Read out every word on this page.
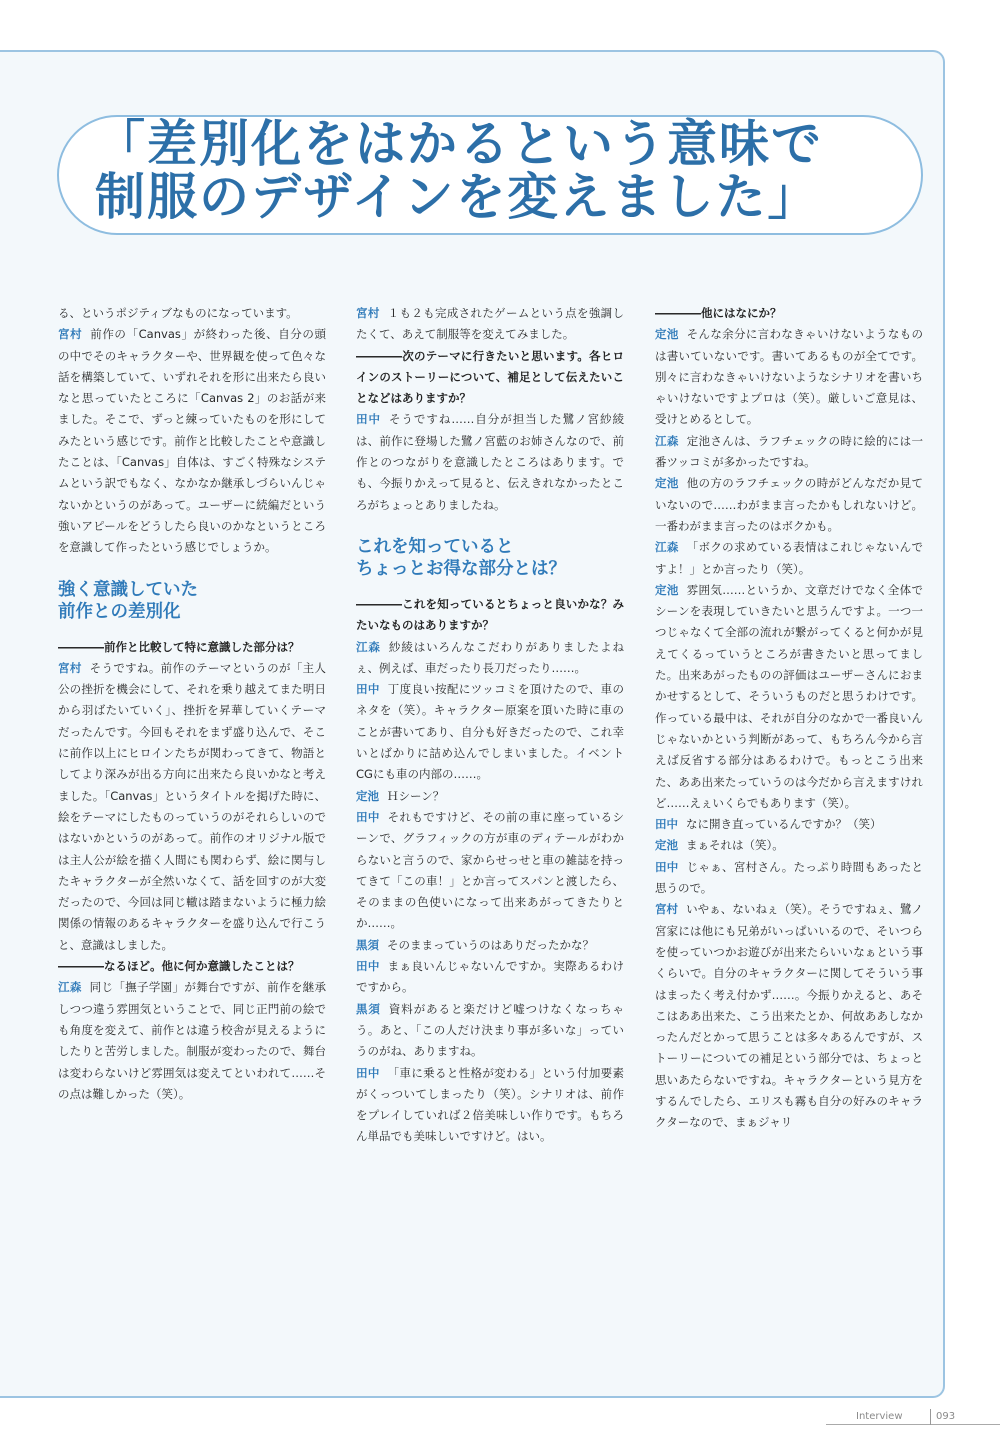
「差別化をはかるという意味で
制服のデザインを変えました」

る、というポジティブなものになっています。

宮村 前作の「Canvas」が終わった後、自分の頭の中でそのキャラクターや、世界観を使って色々な話を構築していて、いずれそれを形に出来たら良いなと思っていたところに「Canvas 2」のお話が来ました。そこで、ずっと練っていたものを形にしてみたという感じです。前作と比較したことや意識したことは、「Canvas」自体は、すごく特殊なシステムという訳でもなく、なかなか継承しづらいんじゃないかというのがあって。ユーザーに続編だという強いアピールをどうしたら良いのかなというところを意識して作ったという感じでしょうか。

強く意識していた
前作との差別化

――――前作と比較して特に意識した部分は？

宮村 そうですね。前作のテーマというのが「主人公の挫折を機会にして、それを乗り越えてまた明日から羽ばたいていく」、挫折を昇華していくテーマだったんです。今回もそれをまず盛り込んで、そこに前作以上にヒロインたちが関わってきて、物語としてより深みが出る方向に出来たら良いかなと考えました。「Canvas」というタイトルを掲げた時に、絵をテーマにしたものっていうのがそれらしいのではないかというのがあって。前作のオリジナル版では主人公が絵を描く人間にも関わらず、絵に関与したキャラクターが全然いなくて、話を回すのが大変だったので、今回は同じ轍は踏まないように極力絵関係の情報のあるキャラクターを盛り込んで行こうと、意識はしました。

――――なるほど。他に何か意識したことは？

江森 同じ「撫子学園」が舞台ですが、前作を継承しつつ違う雰囲気ということで、同じ正門前の絵でも角度を変えて、前作とは違う校舎が見えるようにしたりと苦労しました。制服が変わったので、舞台は変わらないけど雰囲気は変えてといわれて……その点は難しかった（笑）。

宮村 １も２も完成されたゲームという点を強調したくて、あえて制服等を変えてみました。

――――次のテーマに行きたいと思います。各ヒロインのストーリーについて、補足として伝えたいことなどはありますか？

田中 そうですね……自分が担当した鷺ノ宮紗綾は、前作に登場した鷺ノ宮藍のお姉さんなので、前作とのつながりを意識したところはあります。でも、今振りかえって見ると、伝えきれなかったところがちょっとありましたね。

これを知っていると
ちょっとお得な部分とは？

――――これを知っているとちょっと良いかな？みたいなものはありますか？

江森 紗綾はいろんなこだわりがありましたよねぇ、例えば、車だったり長刀だったり……。

田中 丁度良い按配にツッコミを頂けたので、車のネタを（笑）。キャラクター原案を頂いた時に車のことが書いてあり、自分も好きだったので、これ幸いとばかりに詰め込んでしまいました。イベントCGにも車の内部の……。

定池 Ｈシーン？

田中 それもですけど、その前の車に座っているシーンで、グラフィックの方が車のディテールがわからないと言うので、家からせっせと車の雑誌を持ってきて「この車！」とか言ってスパンと渡したら、そのままの色使いになって出来あがってきたりとか……。

黒須 そのままっていうのはありだったかな？

田中 まぁ良いんじゃないんですか。実際あるわけですから。

黒須 資料があると楽だけど嘘つけなくなっちゃう。あと、「この人だけ決まり事が多いな」っていうのがね、ありますね。

田中 「車に乗ると性格が変わる」という付加要素がくっついてしまったり（笑）。シナリオは、前作をプレイしていれば２倍美味しい作りです。もちろん単品でも美味しいですけど。はい。

――――他にはなにか？

定池 そんな余分に言わなきゃいけないようなものは書いていないです。書いてあるものが全てです。別々に言わなきゃいけないようなシナリオを書いちゃいけないですよプロは（笑）。厳しいご意見は、受けとめるとして。

江森 定池さんは、ラフチェックの時に絵的には一番ツッコミが多かったですね。

定池 他の方のラフチェックの時がどんなだか見ていないので……わがまま言ったかもしれないけど。一番わがまま言ったのはボクかも。

江森 「ボクの求めている表情はこれじゃないんですよ！」とか言ったり（笑）。

定池 雰囲気……というか、文章だけでなく全体でシーンを表現していきたいと思うんですよ。一つ一つじゃなくて全部の流れが繋がってくると何かが見えてくるっていうところが書きたいと思ってました。出来あがったものの評価はユーザーさんにおまかせするとして、そういうものだと思うわけです。作っている最中は、それが自分のなかで一番良いんじゃないかという判断があって、もちろん今から言えば反省する部分はあるわけで。もっとこう出来た、ああ出来たっていうのは今だから言えますけれど……えぇいくらでもあります（笑）。

田中 なに開き直っているんですか？（笑）

定池 まぁそれは（笑）。

田中 じゃぁ、宮村さん。たっぷり時間もあったと思うので。

宮村 いやぁ、ないねぇ（笑）。そうですねぇ、鷺ノ宮家には他にも兄弟がいっぱいいるので、そいつらを使っていつかお遊びが出来たらいいなぁという事くらいで。自分のキャラクターに関してそういう事はまったく考え付かず……。今振りかえると、あそこはああ出来た、こう出来たとか、何故ああしなかったんだとかって思うことは多々あるんですが、ストーリーについての補足という部分では、ちょっと思いあたらないですね。キャラクターという見方をするんでしたら、エリスも霧も自分の好みのキャラクターなので、まぁジャリ

Interview	093
